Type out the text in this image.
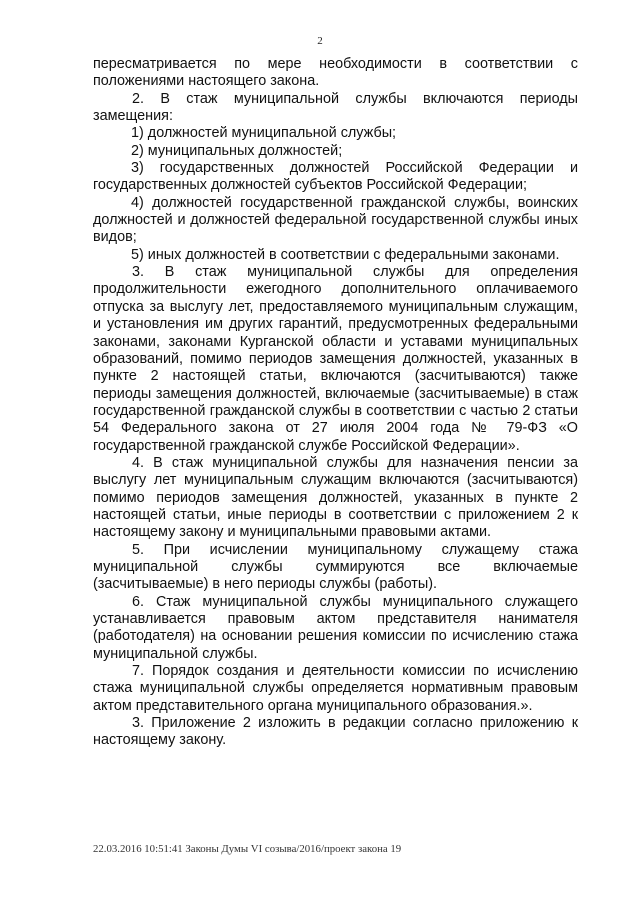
2

пересматривается по мере необходимости в соответствии с положениями настоящего закона.

2. В стаж муниципальной службы включаются периоды замещения:

1) должностей муниципальной службы;

2) муниципальных должностей;

3) государственных должностей Российской Федерации и государственных должностей субъектов Российской Федерации;

4) должностей государственной гражданской службы, воинских должностей и должностей федеральной государственной службы иных видов;

5) иных должностей в соответствии с федеральными законами.

3. В стаж муниципальной службы для определения продолжительности ежегодного дополнительного оплачиваемого отпуска за выслугу лет, предоставляемого муниципальным служащим, и установления им других гарантий, предусмотренных федеральными законами, законами Курганской области и уставами муниципальных образований, помимо периодов замещения должностей, указанных в пункте 2 настоящей статьи, включаются (засчитываются) также периоды замещения должностей, включаемые (засчитываемые) в стаж государственной гражданской службы в соответствии с частью 2 статьи 54 Федерального закона от 27 июля 2004 года № 79-ФЗ «О государственной гражданской службе Российской Федерации».

4. В стаж муниципальной службы для назначения пенсии за выслугу лет муниципальным служащим включаются (засчитываются) помимо периодов замещения должностей, указанных в пункте 2 настоящей статьи, иные периоды в соответствии с приложением 2 к настоящему закону и муниципальными правовыми актами.

5. При исчислении муниципальному служащему стажа муниципальной службы суммируются все включаемые (засчитываемые) в него периоды службы (работы).

6. Стаж муниципальной службы муниципального служащего устанавливается правовым актом представителя нанимателя (работодателя) на основании решения комиссии по исчислению стажа муниципальной службы.

7. Порядок создания и деятельности комиссии по исчислению стажа муниципальной службы определяется нормативным правовым актом представительного органа муниципального образования.».

3. Приложение 2 изложить в редакции согласно приложению к настоящему закону.

22.03.2016 10:51:41 Законы Думы VI созыва/2016/проект закона 19
